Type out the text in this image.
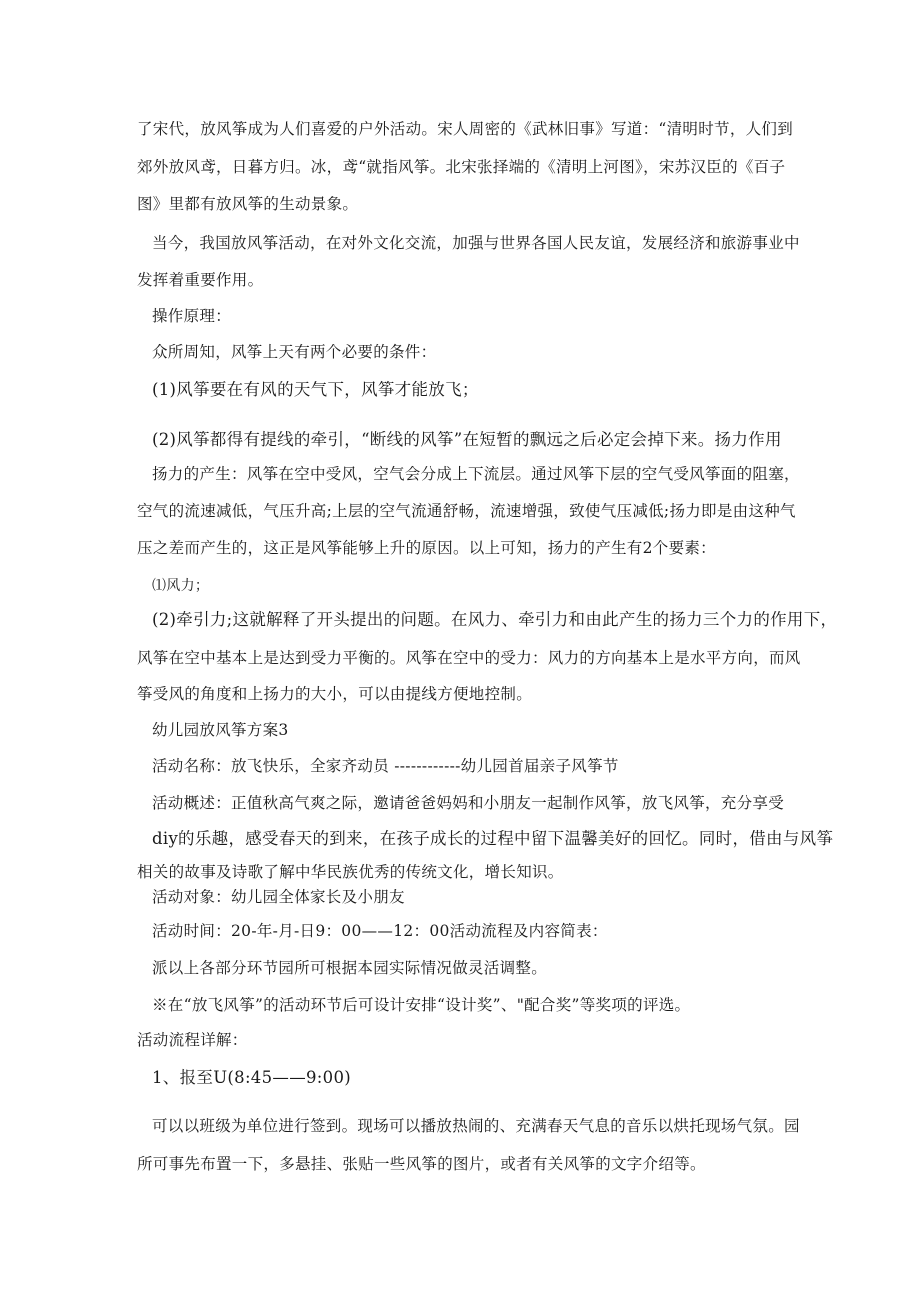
了宋代，放风筝成为人们喜爱的户外活动。宋人周密的《武林旧事》写道：“清明时节，人们到
郊外放风鸢，日暮方归。冰，鸢“就指风筝。北宋张择端的《清明上河图》，宋苏汉臣的《百子
图》里都有放风筝的生动景象。
当今，我国放风筝活动，在对外文化交流，加强与世界各国人民友谊，发展经济和旅游事业中
发挥着重要作用。
操作原理：
众所周知，风筝上天有两个必要的条件：
(1)风筝要在有风的天气下，风筝才能放飞；
(2)风筝都得有提线的牵引，“断线的风筝”在短暂的飘远之后必定会掉下来。扬力作用
扬力的产生：风筝在空中受风，空气会分成上下流层。通过风筝下层的空气受风筝面的阻塞，
空气的流速减低，气压升高;上层的空气流通舒畅，流速增强，致使气压减低;扬力即是由这种气
压之差而产生的，这正是风筝能够上升的原因。以上可知，扬力的产生有2个要素：
⑴风力；
(2)牵引力;这就解释了开头提出的问题。在风力、牵引力和由此产生的扬力三个力的作用下，
风筝在空中基本上是达到受力平衡的。风筝在空中的受力：风力的方向基本上是水平方向，而风
筝受风的角度和上扬力的大小，可以由提线方便地控制。
幼儿园放风筝方案3
活动名称：放飞快乐，全家齐动员 ------------幼儿园首届亲子风筝节
活动概述：正值秋高气爽之际，邀请爸爸妈妈和小朋友一起制作风筝，放飞风筝，充分享受
diy的乐趣，感受春天的到来，在孩子成长的过程中留下温馨美好的回忆。同时，借由与风筝
相关的故事及诗歌了解中华民族优秀的传统文化，增长知识。
活动对象：幼儿园全体家长及小朋友
活动时间：20-年-月-日9：00——12：00活动流程及内容简表：
派以上各部分环节园所可根据本园实际情况做灵活调整。
※在“放飞风筝”的活动环节后可设计安排“设计奖”、"配合奖”等奖项的评选。
活动流程详解：
1、报至U(8:45——9:00)
可以以班级为单位进行签到。现场可以播放热闹的、充满春天气息的音乐以烘托现场气氛。园
所可事先布置一下，多悬挂、张贴一些风筝的图片，或者有关风筝的文字介绍等。
